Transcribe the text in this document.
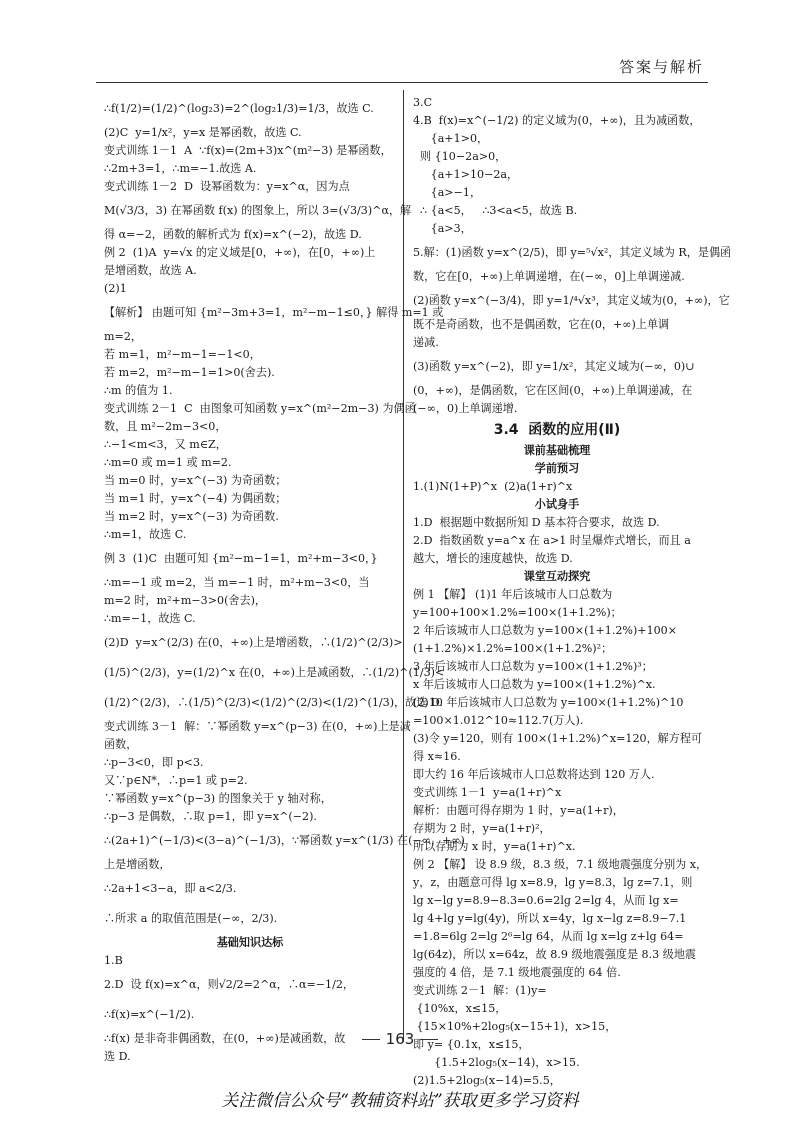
答案与解析
∴f(1/2)=(1/2)^(log₂3)=2^(log₂1/3)=1/3，故选 C.
(2)C  y=1/x²，y=x 是幂函数，故选 C.
变式训练 1－1  A  ∵f(x)=(2m+3)x^(m²−3) 是幂函数，
∴2m+3=1，∴m=−1.故选 A.
变式训练 1－2  D  设幂函数为：y=x^α，因为点
M(√3/3，3) 在幂函数 f(x) 的图象上，所以 3=(√3/3)^α，解
得 α=−2，函数的解析式为 f(x)=x^(−2)，故选 D.
例 2  (1)A  y=√x 的定义域是[0，+∞)，在[0，+∞)上
是增函数，故选 A.
(2)1
【解析】 由题可知 {m²−3m+3=1，m²−m−1≤0，} 解得 m=1 或
m=2，
若 m=1，m²−m−1=−1<0，
若 m=2，m²−m−1=1>0(舍去).
∴m 的值为 1.
变式训练 2－1  C  由图象可知函数 y=x^(m²−2m−3) 为偶函
数，且 m²−2m−3<0，
∴−1<m<3，又 m∈Z，
∴m=0 或 m=1 或 m=2.
当 m=0 时，y=x^(−3) 为奇函数；
当 m=1 时，y=x^(−4) 为偶函数；
当 m=2 时，y=x^(−3) 为奇函数.
∴m=1，故选 C.
例 3  (1)C  由题可知 {m²−m−1=1，m²+m−3<0，}
∴m=−1 或 m=2，当 m=−1 时，m²+m−3<0，当
m=2 时，m²+m−3>0(舍去)，
∴m=−1，故选 C.
(2)D  y=x^(2/3) 在(0，+∞)上是增函数，∴(1/2)^(2/3)>
(1/5)^(2/3)，y=(1/2)^x 在(0，+∞)上是减函数，∴(1/2)^(1/3)<
(1/2)^(2/3)，∴(1/5)^(2/3)<(1/2)^(2/3)<(1/2)^(1/3)，故选 D.
变式训练 3－1  解：∵幂函数 y=x^(p−3) 在(0，+∞)上是减
函数，
∴p−3<0，即 p<3.
又∵p∈N*，∴p=1 或 p=2.
∵幂函数 y=x^(p−3) 的图象关于 y 轴对称，
∴p−3 是偶数，∴取 p=1，即 y=x^(−2).
∴(2a+1)^(−1/3)<(3−a)^(−1/3)，∵幂函数 y=x^(1/3) 在(−∞，+∞)
上是增函数，
∴2a+1<3−a，即 a<2/3.
∴所求 a 的取值范围是(−∞，2/3).
基础知识达标
1.B
2.D  设 f(x)=x^α，则√2/2=2^α，∴α=−1/2，
∴f(x)=x^(−1/2).
∴f(x) 是非奇非偶函数，在(0，+∞)是减函数，故
选 D.
3.C
4.B  f(x)=x^(−1/2) 的定义域为(0，+∞)，且为减函数，
{a+1>0，
则 {10−2a>0，
{a+1>10−2a，
{a>−1，
∴ {a<5，   ∴3<a<5，故选 B.
{a>3，
5.解：(1)函数 y=x^(2/5)，即 y=⁵√x²，其定义域为 R，是偶函
数，它在[0，+∞)上单调递增，在(−∞，0]上单调递减.
(2)函数 y=x^(−3/4)，即 y=1/⁴√x³，其定义域为(0，+∞)，它
既不是奇函数，也不是偶函数，它在(0，+∞)上单调
递减.
(3)函数 y=x^(−2)，即 y=1/x²，其定义域为(−∞，0)∪
(0，+∞)，是偶函数，它在区间(0，+∞)上单调递减，在
(−∞，0)上单调递增.
3.4  函数的应用(Ⅱ)
课前基础梳理
学前预习
1.(1)N(1+P)^x  (2)a(1+r)^x
小试身手
1.D  根据题中数据所知 D 基本符合要求，故选 D.
2.D  指数函数 y=a^x 在 a>1 时呈爆炸式增长，而且 a
越大，增长的速度越快，故选 D.
课堂互动探究
例 1 【解】 (1)1 年后该城市人口总数为
y=100+100×1.2%=100×(1+1.2%)；
2 年后该城市人口总数为 y=100×(1+1.2%)+100×
(1+1.2%)×1.2%=100×(1+1.2%)²；
3 年后该城市人口总数为 y=100×(1+1.2%)³；
x 年后该城市人口总数为 y=100×(1+1.2%)^x.
(2)10 年后该城市人口总数为 y=100×(1+1.2%)^10
=100×1.012^10≈112.7(万人).
(3)令 y=120，则有 100×(1+1.2%)^x=120，解方程可
得 x≈16.
即大约 16 年后该城市人口总数将达到 120 万人.
变式训练 1－1  y=a(1+r)^x
解析：由题可得存期为 1 时，y=a(1+r)，
存期为 2 时，y=a(1+r)²，
所以存期为 x 时，y=a(1+r)^x.
例 2 【解】 设 8.9 级，8.3 级，7.1 级地震强度分别为 x，
y，z，由题意可得 lg x=8.9，lg y=8.3，lg z=7.1，则
lg x−lg y=8.9−8.3=0.6=2lg 2=lg 4，从而 lg x=
lg 4+lg y=lg(4y)，所以 x=4y，lg x−lg z=8.9−7.1
=1.8=6lg 2=lg 2⁶=lg 64，从而 lg x=lg z+lg 64=
lg(64z)，所以 x=64z，故 8.9 级地震强度是 8.3 级地震
强度的 4 倍，是 7.1 级地震强度的 64 倍.
变式训练 2－1  解：(1)y=
{10%x，x≤15，
{15×10%+2log₅(x−15+1)，x>15，
即 y= {0.1x，x≤15，
{1.5+2log₅(x−14)，x>15.
(2)1.5+2log₅(x−14)=5.5，
163
关注微信公众号“教辅资料站”获取更多学习资料
